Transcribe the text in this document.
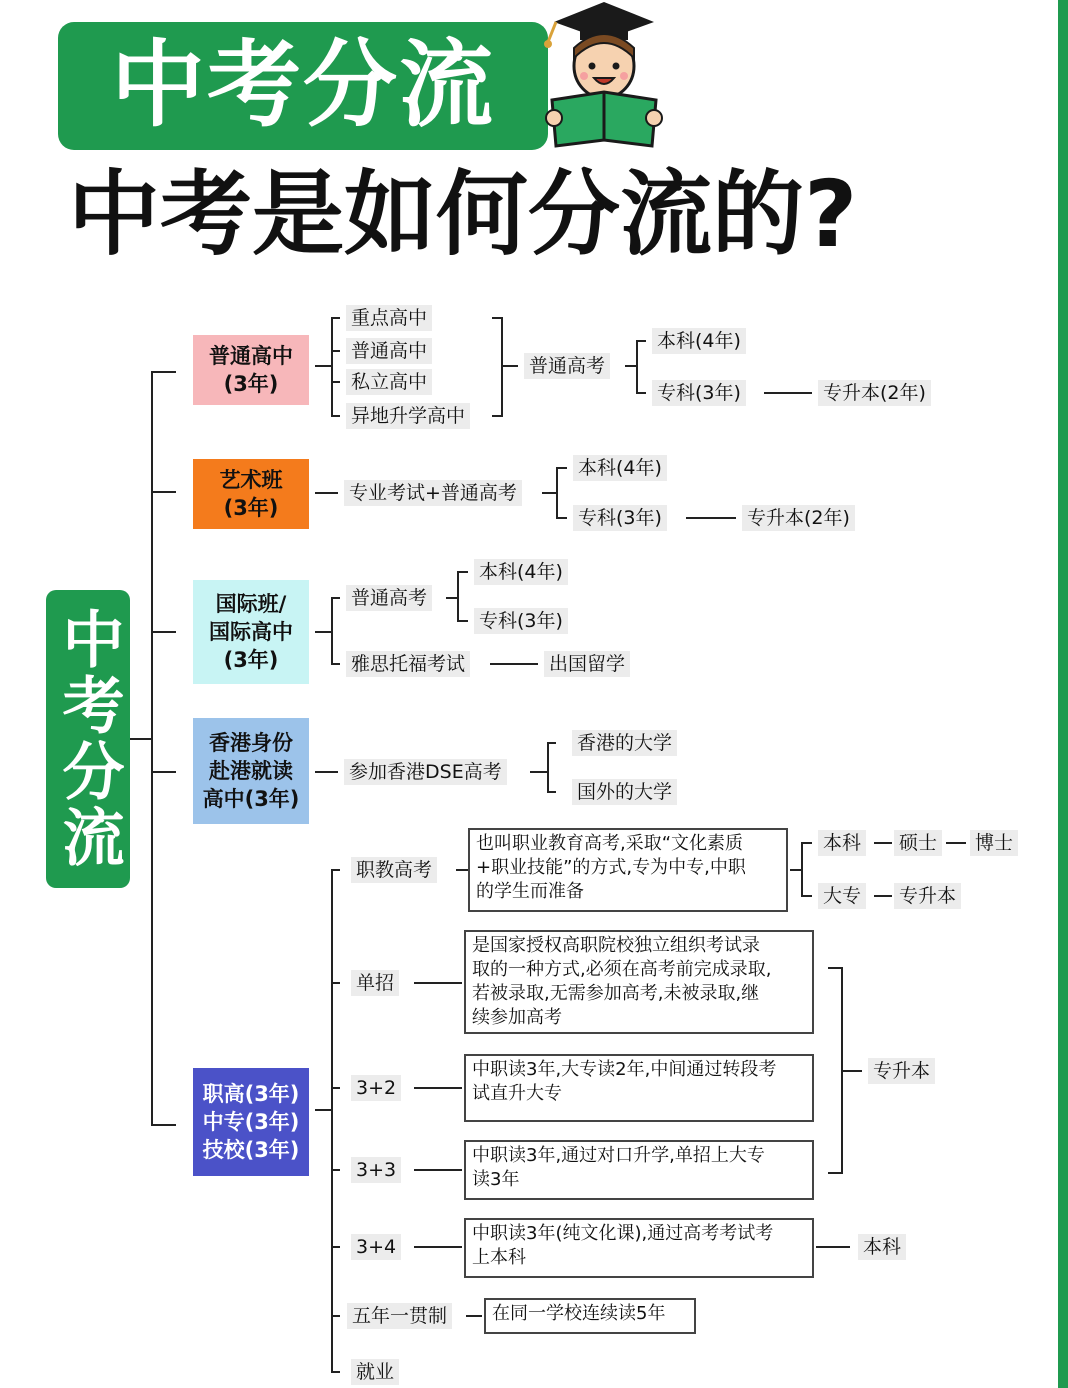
中考分流
中考是如何分流的?
中考分流
普通高中
(3年)
艺术班
(3年)
国际班/
国际高中
(3年)
香港身份
赴港就读
高中(3年)
职高(3年)
中专(3年)
技校(3年)
重点高中
普通高中
私立高中
异地升学高中
普通高考
本科(4年)
专科(3年)	专升本(2年)
专业考试+普通高考
本科(4年)
专科(3年)	专升本(2年)
普通高考
本科(4年)
专科(3年)
雅思托福考试	出国留学
参加香港DSE高考
香港的大学
国外的大学
职教高考
也叫职业教育高考,采取“文化素质
+职业技能”的方式,专为中专,中职
的学生而准备
本科 硕士 博士
大专 专升本
单招
是国家授权高职院校独立组织考试录
取的一种方式,必须在高考前完成录取,
若被录取,无需参加高考,未被录取,继
续参加高考
3+2
中职读3年,大专读2年,中间通过转段考
试直升大专
3+3
中职读3年,通过对口升学,单招上大专
读3年
专升本
3+4
中职读3年(纯文化课),通过高考考试考
上本科	本科
五年一贯制	在同一学校连续读5年
就业
